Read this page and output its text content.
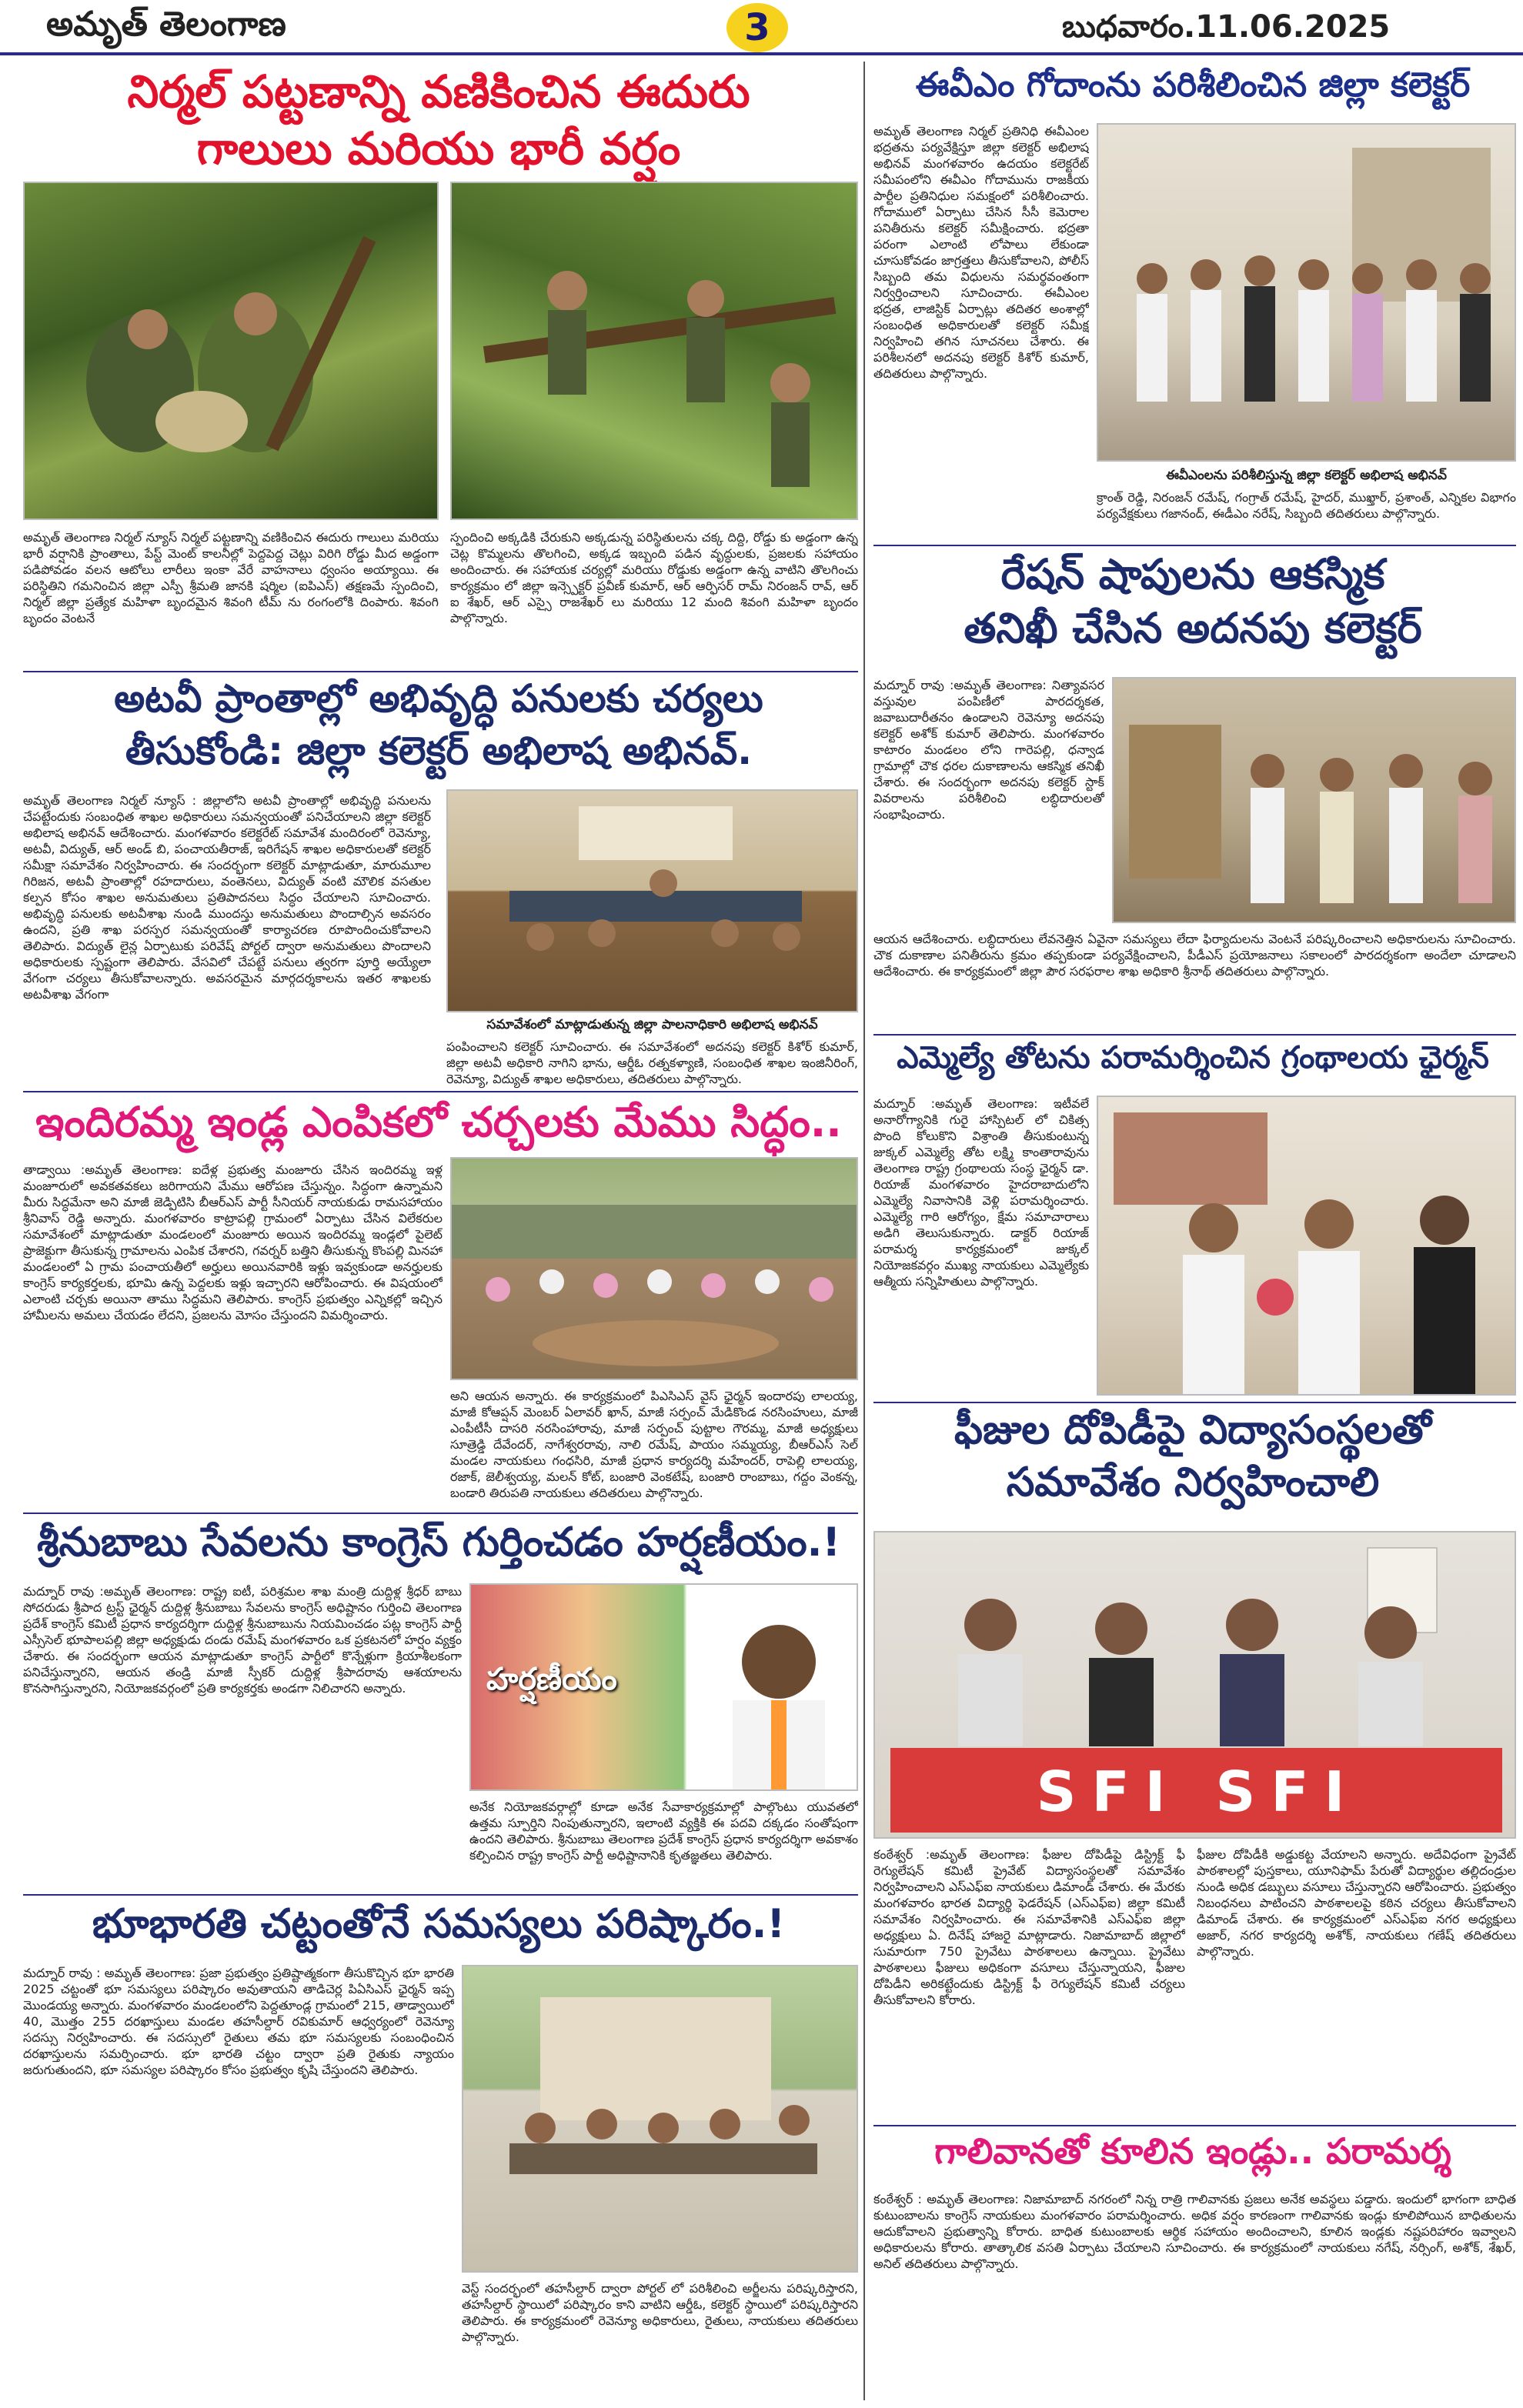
అమృత్ తెలంగాణ	3	బుధవారం.11.06.2025
నిర్మల్ పట్టణాన్ని వణికించిన ఈదురు
గాలులు మరియు భారీ వర్షం
అమృత్ తెలంగాణ నిర్మల్ న్యూస్ నిర్మల్ పట్టణాన్ని వణికించిన ఈదురు గాలులు మరియు భారీ వర్షానికి ప్రాంతాలు, పేస్ట్ మెంట్ కాలనీల్లో పెద్దపెద్ద చెట్లు విరిగి రోడ్డు మీద అడ్డంగా పడిపోవడం వలన ఆటోలు లారీలు ఇంకా వేరే వాహనాలు ధ్వంసం అయ్యాయి. ఈ పరిస్థితిని గమనించిన జిల్లా ఎస్పీ శ్రీమతి జానకి షర్మిల (ఐపిఎస్) తక్షణమే స్పందించి, నిర్మల్ జిల్లా ప్రత్యేక మహిళా బృందమైన శివంగి టీమ్ ను రంగంలోకి దింపారు. శివంగి బృందం వెంటనే
స్పందించి అక్కడికి చేరుకుని అక్కడున్న పరిస్థితులను చక్క దిద్ది, రోడ్డు కు అడ్డంగా ఉన్న చెట్ల కొమ్మలను తొలగించి, అక్కడ ఇబ్బంది పడిన వృద్ధులకు, ప్రజలకు సహాయం అందించారు. ఈ సహాయక చర్యల్లో మరియు రోడ్డుకు అడ్డంగా ఉన్న వాటిని తొలగించు కార్యక్రమం లో జిల్లా ఇన్స్పెక్టర్ ప్రవీణ్ కుమార్, ఆర్ ఆర్ఫిసర్ రామ్ నిరంజన్ రావ్, ఆర్ ఐ శేఖర్, ఆర్ ఎస్సై రాజశేఖర్ లు మరియు 12 మంది శివంగి మహిళా బృందం పాల్గొన్నారు.
అటవీ ప్రాంతాల్లో అభివృద్ధి పనులకు చర్యలు
తీసుకోండి: జిల్లా కలెక్టర్ అభిలాష అభినవ్.
అమృత్ తెలంగాణ నిర్మల్ న్యూస్ : జిల్లాలోని అటవీ ప్రాంతాల్లో అభివృద్ధి పనులను చేపట్టేందుకు సంబంధిత శాఖల అధికారులు సమన్వయంతో పనిచేయాలని జిల్లా కలెక్టర్ అభిలాష అభినవ్ ఆదేశించారు. మంగళవారం కలెక్టరేట్ సమావేశ మందిరంలో రెవెన్యూ, అటవీ, విద్యుత్, ఆర్ అండ్ బి, పంచాయతీరాజ్, ఇరిగేషన్ శాఖల అధికారులతో కలెక్టర్ సమీక్షా సమావేశం నిర్వహించారు. ఈ సందర్భంగా కలెక్టర్ మాట్లాడుతూ, మారుమూల గిరిజన, అటవీ ప్రాంతాల్లో రహదారులు, వంతెనలు, విద్యుత్ వంటి మౌలిక వసతుల కల్పన కోసం శాఖల అనుమతులు ప్రతిపాదనలు సిద్ధం చేయాలని సూచించారు. అభివృద్ధి పనులకు అటవీశాఖ నుండి ముందస్తు అనుమతులు పొందాల్సిన అవసరం ఉందని, ప్రతి శాఖ పరస్పర సమన్వయంతో కార్యాచరణ రూపొందించుకోవాలని తెలిపారు. విద్యుత్ లైన్ల ఏర్పాటుకు పరివేష్ పోర్టల్ ద్వారా అనుమతులు పొందాలని అధికారులకు స్పష్టంగా తెలిపారు. వేసవిలో చేపట్టే పనులు త్వరగా పూర్తి అయ్యేలా వేగంగా చర్యలు తీసుకోవాలన్నారు. అవసరమైన మార్గదర్శకాలను ఇతర శాఖలకు అటవీశాఖ వేగంగా
సమావేశంలో మాట్లాడుతున్న జిల్లా పాలనాధికారి అభిలాష అభినవ్
పంపించాలని కలెక్టర్ సూచించారు. ఈ సమావేశంలో అదనపు కలెక్టర్ కిశోర్ కుమార్, జిల్లా అటవీ అధికారి నాగిని భాను, ఆర్డీఓ రత్నకళ్యాణి, సంబంధిత శాఖల ఇంజినీరింగ్, రెవెన్యూ, విద్యుత్ శాఖల అధికారులు, తదితరులు పాల్గొన్నారు.
ఇందిరమ్మ ఇండ్ల ఎంపికలో చర్చలకు మేము సిద్ధం..
తాడ్వాయి :అమృత్ తెలంగాణ: ఐదేళ్ల ప్రభుత్వ మంజూరు చేసిన ఇందిరమ్మ ఇళ్ల మంజూరులో అవకతవకలు జరిగాయని మేము ఆరోపణ చేస్తున్నం. సిద్ధంగా ఉన్నామని మీరు సిద్ధమేనా అని మాజీ జెడ్పిటిసి బీఆర్ఎస్ పార్టీ సీనియర్ నాయకుడు రామసహాయం శ్రీనివాస్ రెడ్డి అన్నారు. మంగళవారం కాట్రాపల్లి గ్రామంలో ఏర్పాటు చేసిన విలేకరుల సమావేశంలో మాట్లాడుతూ మండలంలో మంజూరు అయిన ఇందిరమ్మ ఇండ్లలో పైలెట్ ప్రాజెక్టుగా తీసుకున్న గ్రామాలను ఎంపిక చేశారని, గవర్నర్ బత్తిని తీసుకున్న కొంపల్లి మినహా మండలంలో ఏ గ్రామ పంచాయతీలో అర్హులు అయినవారికి ఇళ్లు ఇవ్వకుండా అనర్హులకు కాంగ్రెస్ కార్యకర్తలకు, భూమి ఉన్న పెద్దలకు ఇళ్లు ఇచ్చారని ఆరోపించారు. ఈ విషయంలో ఎలాంటి చర్చకు అయినా తాము సిద్ధమని తెలిపారు. కాంగ్రెస్ ప్రభుత్వం ఎన్నికల్లో ఇచ్చిన హామీలను అమలు చేయడం లేదని, ప్రజలను మోసం చేస్తుందని విమర్శించారు.
అని ఆయన అన్నారు. ఈ కార్యక్రమంలో పిఎసిఎస్ వైస్ ఛైర్మన్ ఇందారపు లాలయ్య, మాజీ కోఆప్షన్ మెంబర్ ఏలావర్ ఖాన్, మాజీ సర్పంచ్ మేడికొండ నరసింహులు, మాజీ ఎంపీటీసీ దాసరి నరసింహారావు, మాజీ సర్పంచ్ పుట్టాల గౌరమ్మ, మాజీ అధ్యక్షులు సూత్రెడ్డి దేవేందర్, నాగేశ్వరరావు, నాలి రమేష్, పాయం సమ్మయ్య, బీఆర్ఎస్ సెల్ మండల నాయకులు గంధసిరి, మాజీ ప్రధాన కార్యదర్శి మహేందర్, రాపెల్లి లాలయ్య, రజాక్, జెలీశ్వయ్య, మలన్ కోట్, బంజారి వెంకటేష్, బంజారి రాంబాబు, గద్దం వెంకన్న, బండారి తిరుపతి నాయకులు తదితరులు పాల్గొన్నారు.
శ్రీనుబాబు సేవలను కాంగ్రెస్ గుర్తించడం హర్షణీయం.!
మద్నూర్ రావు :అమృత్ తెలంగాణ: రాష్ట్ర ఐటీ, పరిశ్రమల శాఖ మంత్రి దుద్దిళ్ల శ్రీధర్ బాబు సోదరుడు శ్రీపాద ట్రస్ట్ ఛైర్మన్ దుద్దిళ్ల శ్రీనుబాబు సేవలను కాంగ్రెస్ అధిష్టానం గుర్తించి తెలంగాణ ప్రదేశ్ కాంగ్రెస్ కమిటీ ప్రధాన కార్యదర్శిగా దుద్దిళ్ల శ్రీనుబాబును నియమించడం పట్ల కాంగ్రెస్ పార్టీ ఎస్సీసెల్ భూపాలపల్లి జిల్లా అధ్యక్షుడు దండు రమేష్ మంగళవారం ఒక ప్రకటనలో హర్షం వ్యక్తం చేశారు. ఈ సందర్భంగా ఆయన మాట్లాడుతూ కాంగ్రెస్ పార్టీలో కొన్నేళ్లుగా క్రియాశీలకంగా పనిచేస్తున్నారని, ఆయన తండ్రి మాజీ స్పీకర్ దుద్దిళ్ల శ్రీపాదరావు ఆశయాలను కొనసాగిస్తున్నారని, నియోజకవర్గంలో ప్రతి కార్యకర్తకు అండగా నిలిచారని అన్నారు.	హర్షణీయం
అనేక నియోజకవర్గాల్లో కూడా అనేక సేవాకార్యక్రమాల్లో పాల్గొంటు యువతలో ఉత్తమ స్పూర్తిని నింపుతున్నారని, ఇలాంటి వ్యక్తికి ఈ పదవి దక్కడం సంతోషంగా ఉందని తెలిపారు. శ్రీనుబాబు తెలంగాణ ప్రదేశ్ కాంగ్రెస్ ప్రధాన కార్యదర్శిగా అవకాశం కల్పించిన రాష్ట్ర కాంగ్రెస్ పార్టీ అధిష్టానానికి కృతజ్ఞతలు తెలిపారు.
భూభారతి చట్టంతోనే సమస్యలు పరిష్కారం.!
మద్నూర్ రావు : అమృత్ తెలంగాణ: ప్రజా ప్రభుత్వం ప్రతిష్టాత్మకంగా తీసుకొచ్చిన భూ భారతి 2025 చట్టంతో భూ సమస్యలు పరిష్కారం అవుతాయని తాడిచెర్ల పిఏసిఎస్ ఛైర్మన్ ఇప్ప మొండయ్య అన్నారు. మంగళవారం మండలంలోని పెద్దతూండ్ల గ్రామంలో 215, తాడ్వాయిలో 40, మొత్తం 255 దరఖాస్తులు మండల తహసీల్దార్ రవికుమార్ ఆధ్వర్యంలో రెవెన్యూ సదస్సు నిర్వహించారు. ఈ సదస్సులో రైతులు తమ భూ సమస్యలకు సంబంధించిన దరఖాస్తులను సమర్పించారు. భూ భారతి చట్టం ద్వారా ప్రతి రైతుకు న్యాయం జరుగుతుందని, భూ సమస్యల పరిష్కారం కోసం ప్రభుత్వం కృషి చేస్తుందని తెలిపారు.
వెస్ట్ సందర్భంలో తహసీల్దార్ ద్వారా పోర్టల్ లో పరిశీలించి అర్జీలను పరిష్కరిస్తారని, తహసీల్దార్ స్థాయిలో పరిష్కారం కాని వాటిని ఆర్డీఓ, కలెక్టర్ స్థాయిలో పరిష్కరిస్తారని తెలిపారు. ఈ కార్యక్రమంలో రెవెన్యూ అధికారులు, రైతులు, నాయకులు తదితరులు పాల్గొన్నారు.
ఈవీఎం గోదాంను పరిశీలించిన జిల్లా కలెక్టర్
అమృత్ తెలంగాణ నిర్మల్ ప్రతినిధి ఈవీఎంల భద్రతను పర్యవేక్షిస్తూ జిల్లా కలెక్టర్ అభిలాష అభినవ్ మంగళవారం ఉదయం కలెక్టరేట్ సమీపంలోని ఈవీఎం గోదామును రాజకీయ పార్టీల ప్రతినిధుల సమక్షంలో పరిశీలించారు. గోదాములో ఏర్పాటు చేసిన సీసీ కెమెరాల పనితీరును కలెక్టర్ సమీక్షించారు. భద్రతా పరంగా ఎలాంటి లోపాలు లేకుండా చూసుకోవడం జాగ్రత్తలు తీసుకోవాలని, పోలీస్ సిబ్బంది తమ విధులను సమర్థవంతంగా నిర్వర్తించాలని సూచించారు. ఈవీఎంల భద్రత, లాజిస్టిక్ ఏర్పాట్లు తదితర అంశాల్లో సంబంధిత అధికారులతో కలెక్టర్ సమీక్ష నిర్వహించి తగిన సూచనలు చేశారు. ఈ పరిశీలనలో అదనపు కలెక్టర్ కిశోర్ కుమార్, తదితరులు పాల్గొన్నారు.
ఈవీఎంలను పరిశీలిస్తున్న జిల్లా కలెక్టర్ అభిలాష అభినవ్
క్రాంత్ రెడ్డి, నిరంజన్ రమేష్, గంగ్రాత్ రమేష్, హైదర్, ముఖ్తార్, ప్రశాంత్, ఎన్నికల విభాగం పర్యవేక్షకులు గజానంద్, ఈడీఎం నరేష్, సిబ్బంది తదితరులు పాల్గొన్నారు.
రేషన్ షాపులను ఆకస్మిక
తనిఖీ చేసిన అదనపు కలెక్టర్
మద్నూర్ రావు :అమృత్ తెలంగాణ: నిత్యావసర వస్తువుల పంపిణీలో పారదర్శకత, జవాబుదారీతనం ఉండాలని రెవెన్యూ అదనపు కలెక్టర్ అశోక్ కుమార్ తెలిపారు. మంగళవారం కాటారం మండలం లోని గారెపల్లి, ధన్వాడ గ్రామాల్లో చౌక ధరల దుకాణాలను ఆకస్మిక తనిఖీ చేశారు. ఈ సందర్భంగా అదనపు కలెక్టర్ స్టాక్ వివరాలను పరిశీలించి లబ్ధిదారులతో సంభాషించారు.
ఆయన ఆదేశించారు. లబ్ధిదారులు లేవనెత్తిన ఏవైనా సమస్యలు లేదా ఫిర్యాదులను వెంటనే పరిష్కరించాలని అధికారులను సూచించారు. చౌక దుకాణాల పనితీరును క్రమం తప్పకుండా పర్యవేక్షించాలని, పీడీఎస్ ప్రయోజనాలు సకాలంలో పారదర్శకంగా అందేలా చూడాలని ఆదేశించారు. ఈ కార్యక్రమంలో జిల్లా పౌర సరఫరాల శాఖ అధికారి శ్రీనాథ్ తదితరులు పాల్గొన్నారు.
ఎమ్మెల్యే తోటను పరామర్శించిన గ్రంథాలయ ఛైర్మన్
మద్నూర్ :అమృత్ తెలంగాణ: ఇటీవలే అనారోగ్యానికి గురై హాస్పిటల్ లో చికిత్స పొంది కోలుకొని విశ్రాంతి తీసుకుంటున్న జుక్కల్ ఎమ్మెల్యే తోట లక్ష్మి కాంతారావును తెలంగాణ రాష్ట్ర గ్రంథాలయ సంస్థ ఛైర్మన్ డా. రియాజ్ మంగళవారం హైదరాబాదులోని ఎమ్మెల్యే నివాసానికి వెళ్లి పరామర్శించారు. ఎమ్మెల్యే గారి ఆరోగ్యం, క్షేమ సమాచారాలు అడిగి తెలుసుకున్నారు. డాక్టర్ రియాజ్ పరామర్శ కార్యక్రమంలో జుక్కల్ నియోజకవర్గం ముఖ్య నాయకులు ఎమ్మెల్యేకు ఆత్మీయ సన్నిహితులు పాల్గొన్నారు.
ఫీజుల దోపిడీపై విద్యాసంస్థలతో
సమావేశం నిర్వహించాలి
SFI SFI
కంఠేశ్వర్ :అమృత్ తెలంగాణ: ఫీజుల దోపిడీపై డిస్ట్రిక్ట్ ఫీ రెగ్యులేషన్ కమిటీ ప్రైవేట్ విద్యాసంస్థలతో సమావేశం నిర్వహించాలని ఎస్ఎఫ్ఐ నాయకులు డిమాండ్ చేశారు. ఈ మేరకు మంగళవారం భారత విద్యార్థి ఫెడరేషన్ (ఎస్ఎఫ్ఐ) జిల్లా కమిటీ సమావేశం నిర్వహించారు. ఈ సమావేశానికి ఎస్ఎఫ్ఐ జిల్లా అధ్యక్షులు ఏ. దినేష్ హాజరై మాట్లాడారు. నిజామాబాద్ జిల్లాలో సుమారుగా 750 ప్రైవేటు పాఠశాలలు ఉన్నాయి. ప్రైవేటు పాఠశాలలు ఫీజులు అధికంగా వసూలు చేస్తున్నాయని, ఫీజుల దోపిడీని అరికట్టేందుకు డిస్ట్రిక్ట్ ఫీ రెగ్యులేషన్ కమిటీ చర్యలు తీసుకోవాలని కోరారు.
ఫీజుల దోపిడీకి అడ్డుకట్ట వేయాలని అన్నారు. అదేవిధంగా ప్రైవేట్ పాఠశాలల్లో పుస్తకాలు, యూనిఫామ్ పేరుతో విద్యార్థుల తల్లిదండ్రుల నుండి అధిక డబ్బులు వసూలు చేస్తున్నారని ఆరోపించారు. ప్రభుత్వం నిబంధనలు పాటించని పాఠశాలలపై కఠిన చర్యలు తీసుకోవాలని డిమాండ్ చేశారు. ఈ కార్యక్రమంలో ఎస్ఎఫ్ఐ నగర అధ్యక్షులు అజార్, నగర కార్యదర్శి అశోక్, నాయకులు గణేష్ తదితరులు పాల్గొన్నారు.
గాలివానతో కూలిన ఇండ్లు.. పరామర్శ
కంఠేశ్వర్ : అమృత్ తెలంగాణ: నిజామాబాద్ నగరంలో నిన్న రాత్రి గాలివానకు ప్రజలు అనేక అవస్థలు పడ్డారు. ఇందులో భాగంగా బాధిత కుటుంబాలను కాంగ్రెస్ నాయకులు మంగళవారం పరామర్శించారు. అధిక వర్షం కారణంగా గాలివానకు ఇండ్లు కూలిపోయిన బాధితులను ఆదుకోవాలని ప్రభుత్వాన్ని కోరారు. బాధిత కుటుంబాలకు ఆర్థిక సహాయం అందించాలని, కూలిన ఇండ్లకు నష్టపరిహారం ఇవ్వాలని అధికారులను కోరారు. తాత్కాలిక వసతి ఏర్పాటు చేయాలని సూచించారు. ఈ కార్యక్రమంలో నాయకులు నగేష్, నర్సింగ్, అశోక్, శేఖర్, అనిల్ తదితరులు పాల్గొన్నారు.
